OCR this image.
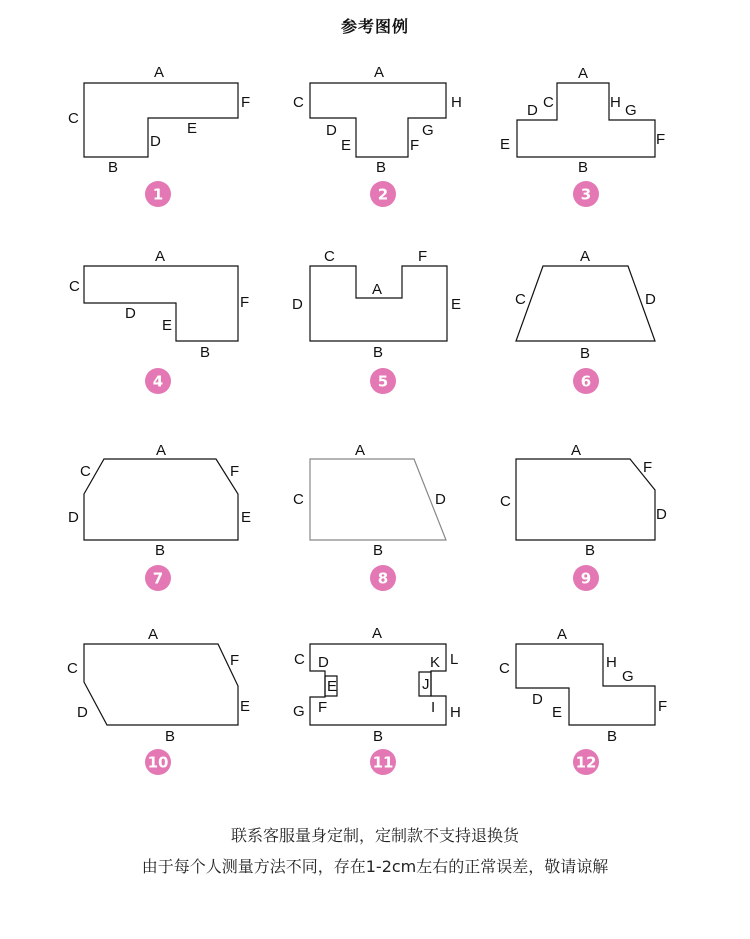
参考图例
A
B
C
D
E
F
A
B
C
D
E	F
G
H
A
B
C
D
E	F
G
H
A
B
C
D
E
F
A
B
C
D	E
F	A
B
C	D
A
B
C
D	E
F
A
B
C	D
A
B
C
D
F
A
B
C
D	E
F
A
B
C D
E
F
G	H
I
J
K L
A
B
C
D
E	F
G
H
1	2	3
4	5	6
7	8	9
10	11	12
联系客服量身定制，定制款不支持退换货
由于每个人测量方法不同，存在1-2cm左右的正常误差，敬请谅解
